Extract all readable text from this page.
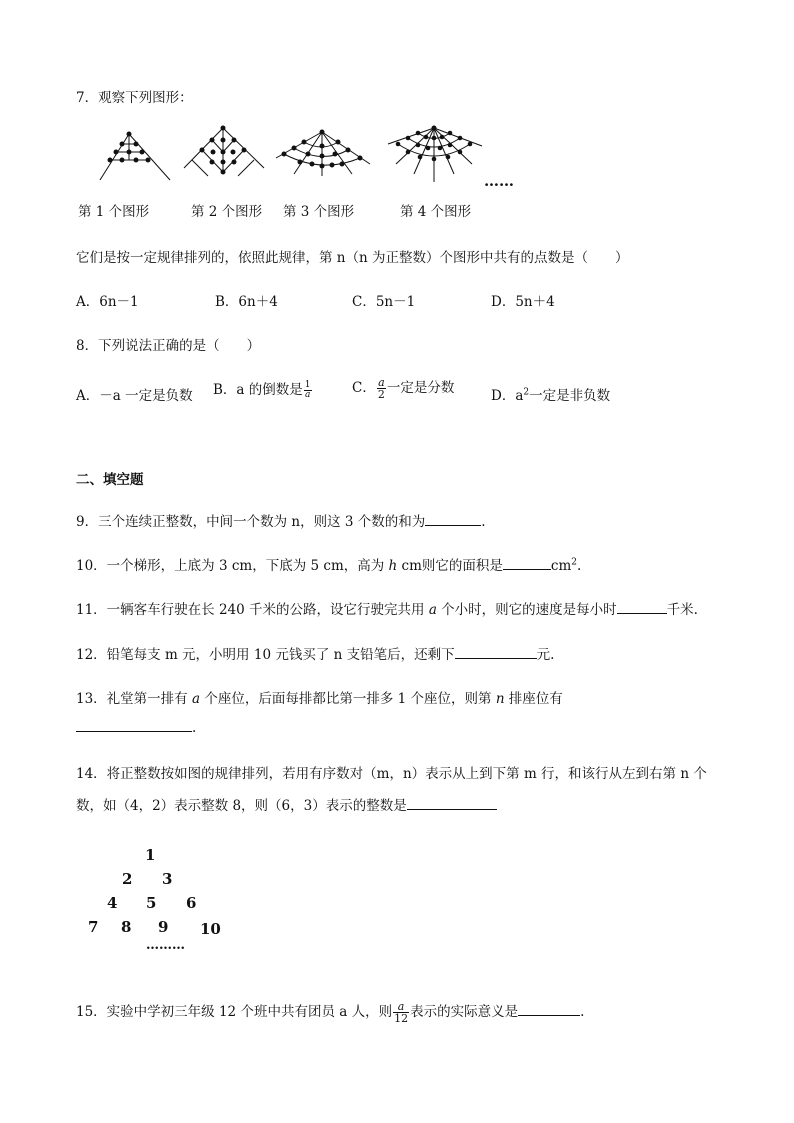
7．观察下列图形：
……
第 1 个图形	第 2 个图形 第 3 个图形	第 4 个图形
它们是按一定规律排列的，依照此规律，第 n（n 为正整数）个图形中共有的点数是（　　）
A．6n－1	B．6n＋4	C．5n－1	D．5n＋4
8．下列说法正确的是（　　）
A．－a 一定是负数 B．a 的倒数是 $\frac{1}{a}$	C． $\frac{a}{2}$ 一定是分数	D．$a^2$一定是非负数
二、填空题
9．三个连续正整数，中间一个数为 n，则这 3 个数的和为	.
10．一个梯形，上底为 3 cm，下底为 5 cm，高为 h cm则它的面积是	$cm^2$.
11．一辆客车行驶在长 240 千米的公路，设它行驶完共用 a 个小时，则它的速度是每小时	千米.
12．铅笔每支 m 元，小明用 10 元钱买了 n 支铅笔后，还剩下	元.
13．礼堂第一排有 a 个座位，后面每排都比第一排多 1 个座位，则第 n 排座位有
.
14．将正整数按如图的规律排列，若用有序数对（m，n）表示从上到下第 m 行，和该行从左到右第 n 个
数，如（4，2）表示整数 8，则（6，3）表示的整数是
1
2 3
4 5 6
7 8 9 10
………
15．实验中学初三年级 12 个班中共有团员 a 人，则 $\frac{a}{12}$ 表示的实际意义是	.
